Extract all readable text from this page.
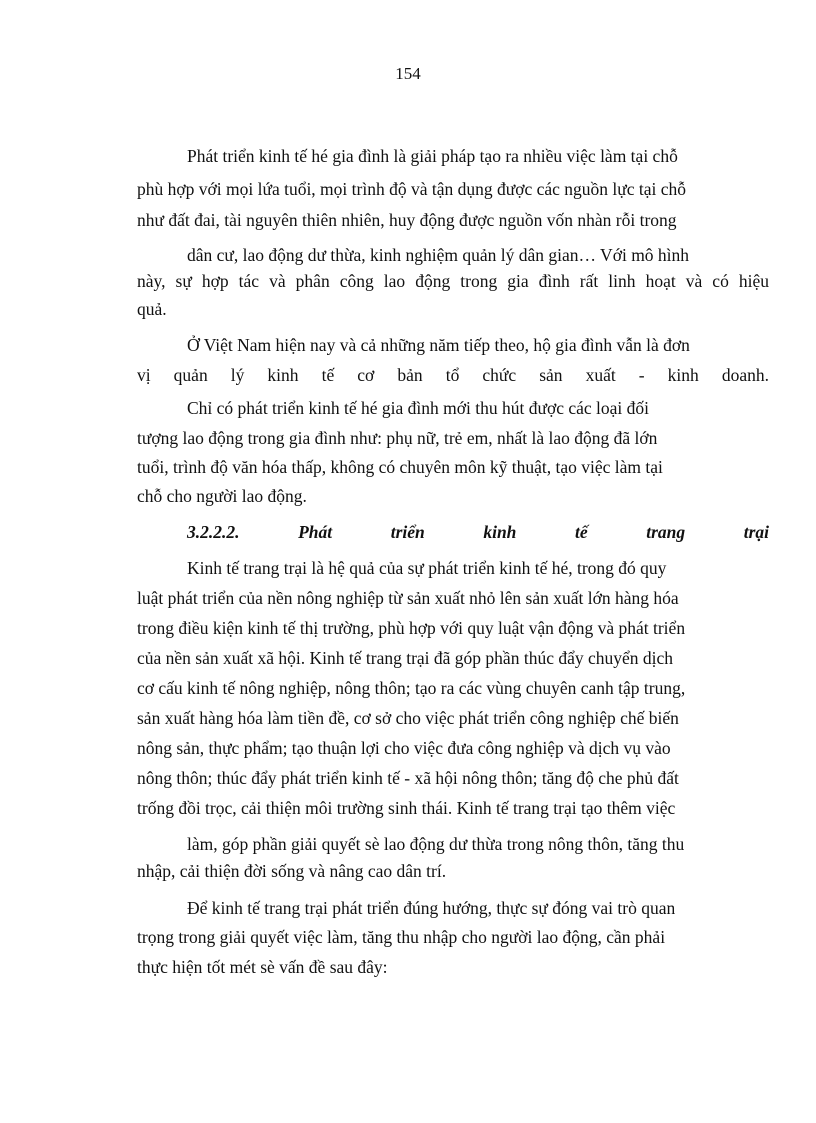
154
Phát triển kinh tế hé gia đình là giải pháp tạo ra nhiều việc làm tại chỗ
phù hợp với mọi lứa tuổi, mọi trình độ và tận dụng được các nguồn lực tại chỗ
như đất đai, tài nguyên thiên nhiên, huy động được nguồn vốn nhàn rỗi trong
dân cư, lao động dư thừa, kinh nghiệm quản lý dân gian… Với mô hình
này, sự hợp tác và phân công lao động trong gia đình rất linh hoạt và có hiệu
quả.
Ở Việt Nam hiện nay và cả những năm tiếp theo, hộ gia đình vẫn là đơn
vị quản lý kinh tế cơ bản tổ chức sản xuất - kinh doanh.
Chỉ có phát triển kinh tế hé gia đình mới thu hút được các loại đối
tượng lao động trong gia đình như: phụ nữ, trẻ em, nhất là lao động đã lớn
tuổi, trình độ văn hóa thấp, không có chuyên môn kỹ thuật, tạo việc làm tại
chỗ cho người lao động.
3.2.2.2. Phát triển kinh tế trang trại
Kinh tế trang trại là hệ quả của sự phát triển kinh tế hé, trong đó quy
luật phát triển của nền nông nghiệp từ sản xuất nhỏ lên sản xuất lớn hàng hóa
trong điều kiện kinh tế thị trường, phù hợp với quy luật vận động và phát triển
của nền sản xuất xã hội. Kinh tế trang trại đã góp phần thúc đẩy chuyển dịch
cơ cấu kinh tế nông nghiệp, nông thôn; tạo ra các vùng chuyên canh tập trung,
sản xuất hàng hóa làm tiền đề, cơ sở cho việc phát triển công nghiệp chế biến
nông sản, thực phẩm; tạo thuận lợi cho việc đưa công nghiệp và dịch vụ vào
nông thôn; thúc đẩy phát triển kinh tế - xã hội nông thôn; tăng độ che phủ đất
trống đồi trọc, cải thiện môi trường sinh thái. Kinh tế trang trại tạo thêm việc
làm, góp phần giải quyết sè lao động dư thừa trong nông thôn, tăng thu
nhập, cải thiện đời sống và nâng cao dân trí.
Để kinh tế trang trại phát triển đúng hướng, thực sự đóng vai trò quan
trọng trong giải quyết việc làm, tăng thu nhập cho người lao động, cần phải
thực hiện tốt mét sè vấn đề sau đây:
